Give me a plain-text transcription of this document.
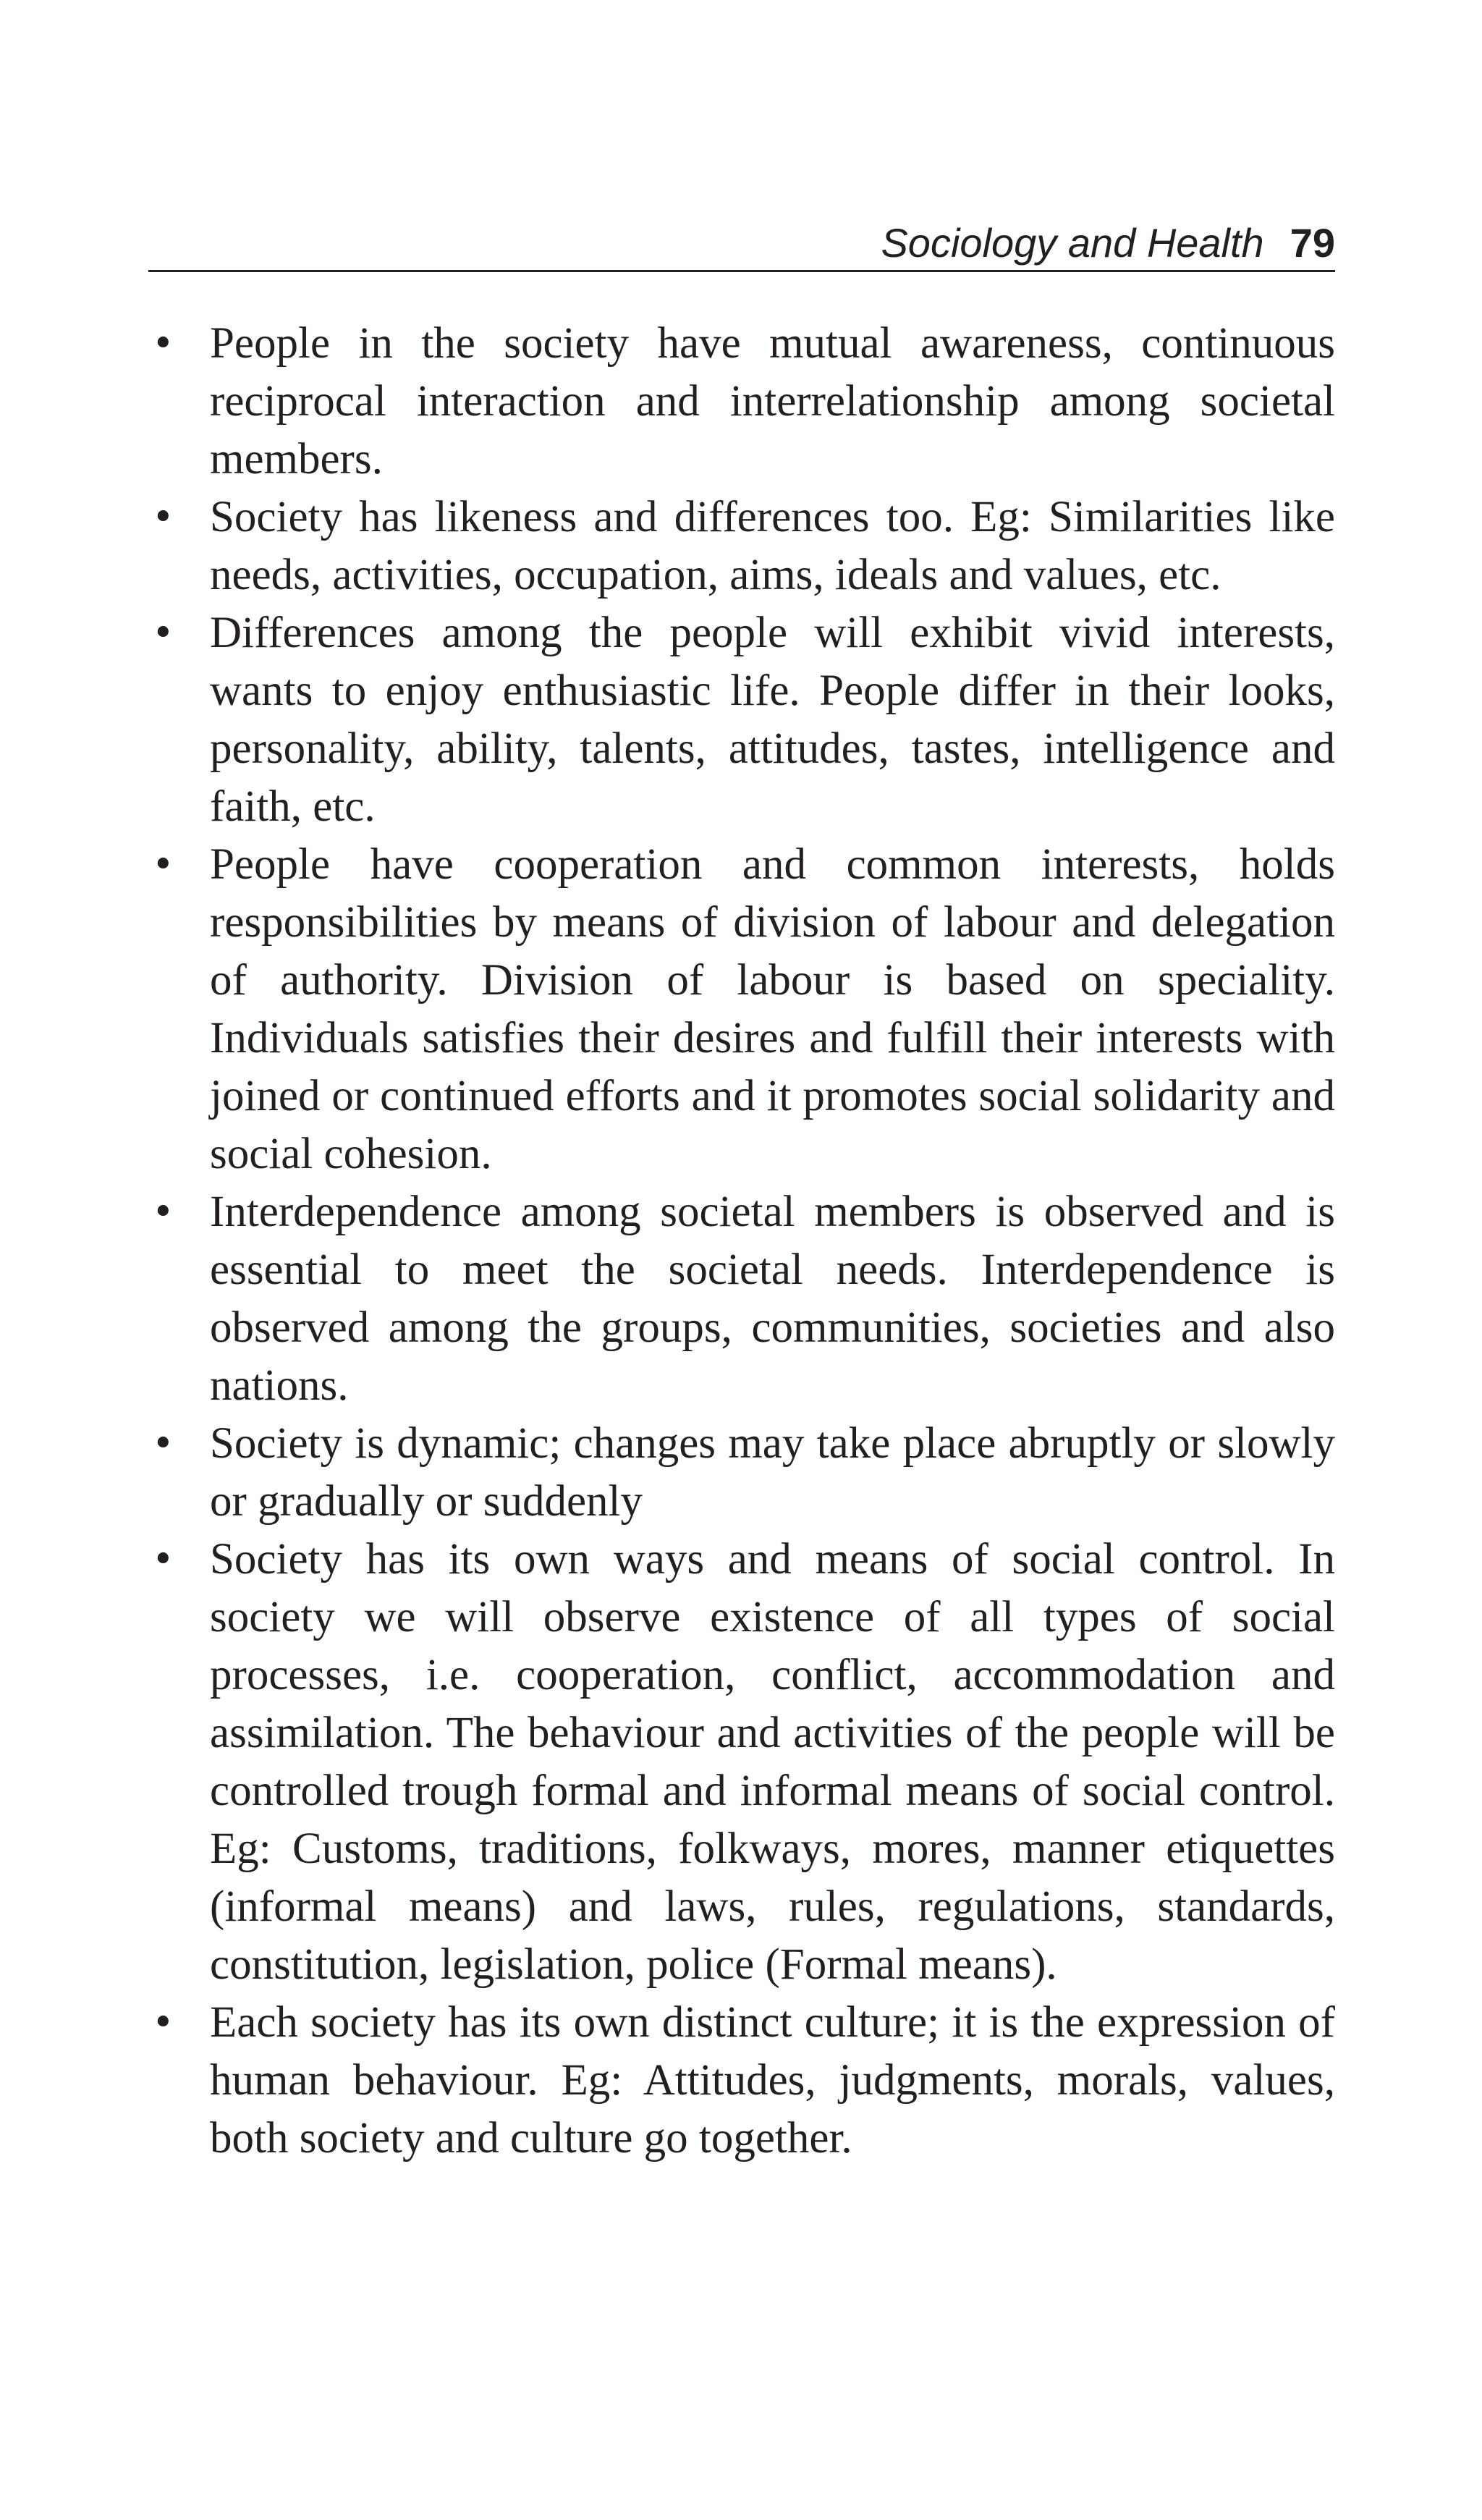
Sociology and Health 79
• People in the society have mutual awareness, continuous reciprocal interaction and interrelationship among societal members.
• Society has likeness and differences too. Eg: Similarities like needs, activities, occupation, aims, ideals and values, etc.
• Differences among the people will exhibit vivid interests, wants to enjoy enthusiastic life. People differ in their looks, personality, ability, talents, attitudes, tastes, intelligence and faith, etc.
• People have cooperation and common interests, holds responsibilities by means of division of labour and delegation of authority. Division of labour is based on speciality. Individuals satisfies their desires and fulfill their interests with joined or continued efforts and it promotes social solidarity and social cohesion.
• Interdependence among societal members is observed and is essential to meet the societal needs. Interdependence is observed among the groups, communities, societies and also nations.
• Society is dynamic; changes may take place abruptly or slowly or gradually or suddenly
• Society has its own ways and means of social control. In society we will observe existence of all types of social processes, i.e. cooperation, conflict, accommodation and assimilation. The behaviour and activities of the people will be controlled trough formal and informal means of social control. Eg: Customs, traditions, folkways, mores, manner etiquettes (informal means) and laws, rules, regulations, standards, constitution, legislation, police (Formal means).
• Each society has its own distinct culture; it is the expression of human behaviour. Eg: Attitudes, judgments, morals, values, both society and culture go together.
